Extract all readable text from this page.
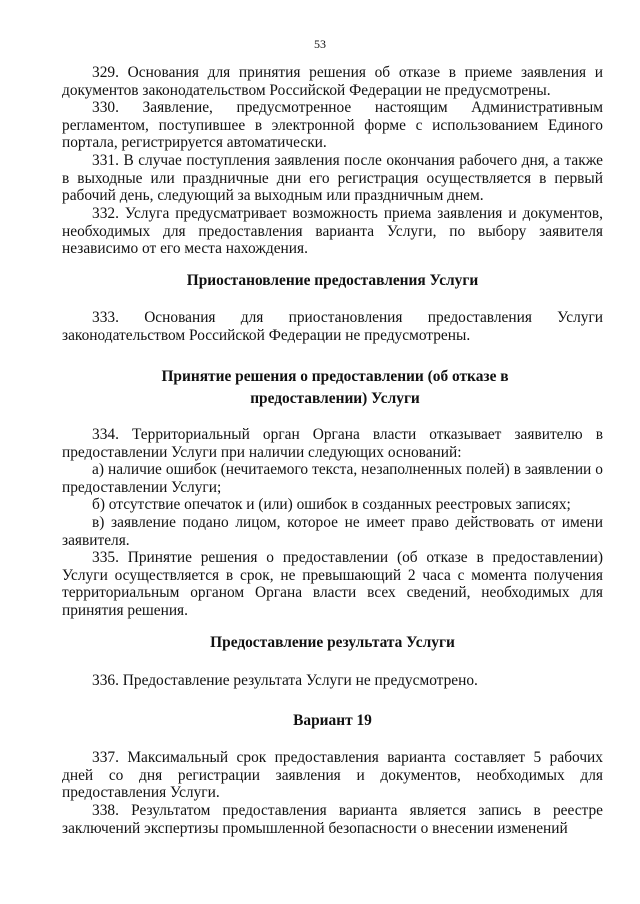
53

329. Основания для принятия решения об отказе в приеме заявления и документов законодательством Российской Федерации не предусмотрены.

330. Заявление, предусмотренное настоящим Административным регламентом, поступившее в электронной форме с использованием Единого портала, регистрируется автоматически.

331. В случае поступления заявления после окончания рабочего дня, а также в выходные или праздничные дни его регистрация осуществляется в первый рабочий день, следующий за выходным или праздничным днем.

332. Услуга предусматривает возможность приема заявления и документов, необходимых для предоставления варианта Услуги, по выбору заявителя независимо от его места нахождения.

Приостановление предоставления Услуги

333. Основания для приостановления предоставления Услуги законодательством Российской Федерации не предусмотрены.

Принятие решения о предоставлении (об отказе в предоставлении) Услуги

334. Территориальный орган Органа власти отказывает заявителю в предоставлении Услуги при наличии следующих оснований:

а) наличие ошибок (нечитаемого текста, незаполненных полей) в заявлении о предоставлении Услуги;

б) отсутствие опечаток и (или) ошибок в созданных реестровых записях;

в) заявление подано лицом, которое не имеет право действовать от имени заявителя.

335. Принятие решения о предоставлении (об отказе в предоставлении) Услуги осуществляется в срок, не превышающий 2 часа с момента получения территориальным органом Органа власти всех сведений, необходимых для принятия решения.

Предоставление результата Услуги

336. Предоставление результата Услуги не предусмотрено.

Вариант 19

337. Максимальный срок предоставления варианта составляет 5 рабочих дней со дня регистрации заявления и документов, необходимых для предоставления Услуги.

338. Результатом предоставления варианта является запись в реестре заключений экспертизы промышленной безопасности о внесении изменений
